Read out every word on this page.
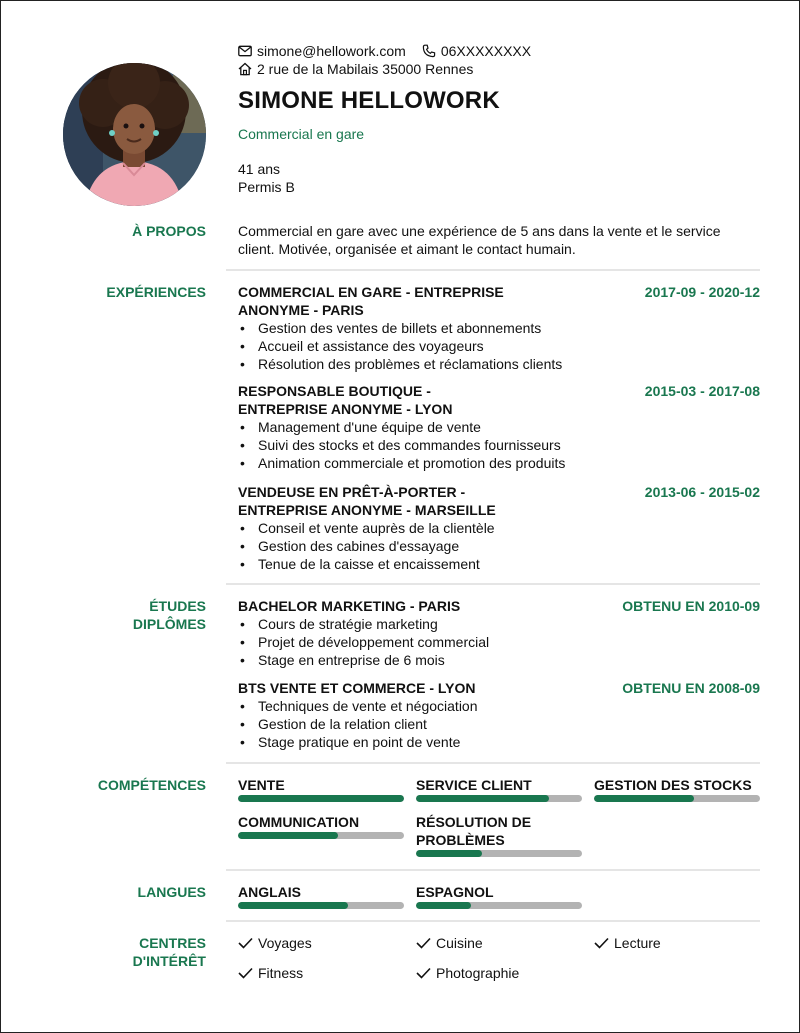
simone@hellowork.com	06XXXXXXXX
2 rue de la Mabilais 35000 Rennes
SIMONE HELLOWORK
Commercial en gare
41 ans
Permis B
À PROPOS Commercial en gare avec une expérience de 5 ans dans la vente et le service
client. Motivée, organisée et aimant le contact humain.
EXPÉRIENCES COMMERCIAL EN GARE - ENTREPRISE
ANONYME - PARIS
2017-09 - 2020-12
• Gestion des ventes de billets et abonnements
• Accueil et assistance des voyageurs
• Résolution des problèmes et réclamations clients
RESPONSABLE BOUTIQUE -
ENTREPRISE ANONYME - LYON
2015-03 - 2017-08
• Management d'une équipe de vente
• Suivi des stocks et des commandes fournisseurs
• Animation commerciale et promotion des produits
VENDEUSE EN PRÊT-À-PORTER -
ENTREPRISE ANONYME - MARSEILLE
2013-06 - 2015-02
• Conseil et vente auprès de la clientèle
• Gestion des cabines d'essayage
• Tenue de la caisse et encaissement
ÉTUDES
DIPLÔMES
BACHELOR MARKETING - PARIS	OBTENU EN 2010-09
• Cours de stratégie marketing
• Projet de développement commercial
• Stage en entreprise de 6 mois
BTS VENTE ET COMMERCE - LYON	OBTENU EN 2008-09
• Techniques de vente et négociation
• Gestion de la relation client
• Stage pratique en point de vente
COMPÉTENCES VENTE	SERVICE CLIENT	GESTION DES STOCKS
COMMUNICATION	RÉSOLUTION DE
PROBLÈMES
LANGUES ANGLAIS	ESPAGNOL
CENTRES
D'INTÉRÊT
Voyages	Cuisine	Lecture
Fitness	Photographie
